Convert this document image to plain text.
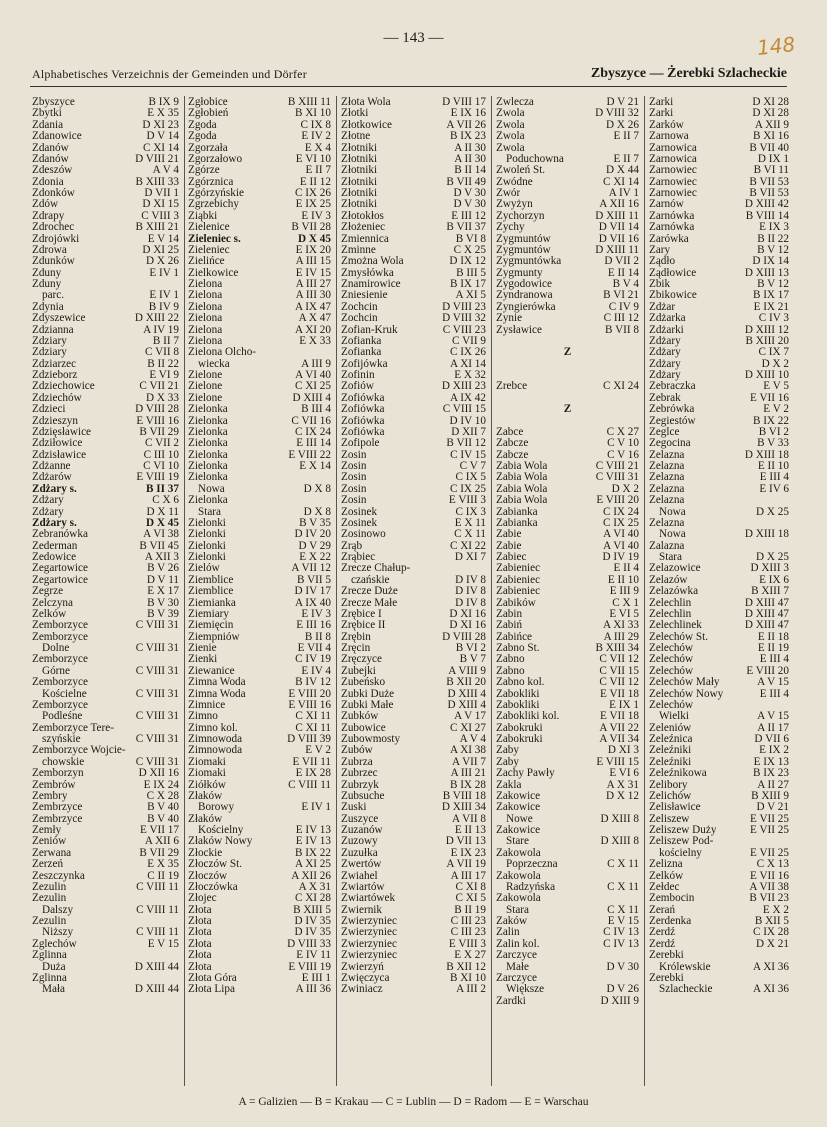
— 143 —	148
Alphabetisches Verzeichnis der Gemeinden und Dörfer	Zbyszyce — Żerebki Szlacheckie
Zbyszyce	B IX 9
Zbytki	E X 35
Zdania	D XI 23
Zdanowice	D V 14
Zdanów	C XI 14
Zdanów	D VIII 21
Zdeszów	A V 4
Zdonia	B XIII 33
Zdonków	D VII 1
Zdów	D XI 15
Zdrapy	C VIII 3
Zdrochec	B XIII 21
Zdrojówki	E V 14
Zdrowa	D XI 25
Zdunków	D X 26
Zduny	E IV 1
Zduny
parc.	E IV 1
Zdynia	B IV 9
Zdyszewice	D XIII 22
Zdzianna	A IV 19
Zdziary	B II 7
Zdziary	C VII 8
Zdziarzec	B II 22
Zdzieborz	E VI 9
Zdziechowice	C VII 21
Zdziechów	D X 33
Zdzieci	D VIII 28
Zdzieszyn	E VIII 16
Zdzięsławice	B VII 29
Zdziłowice	C VII 2
Zdzisławice	C III 10
Zdżanne	C VI 10
Zdżarów	E VIII 19
Zdżary s.	B II 37
Zdżary	C X 6
Zdżary	D X 11
Zdżary s.	D X 45
Zebranówka	A VI 38
Zederman	B VII 45
Zedowice	A XII 3
Zegartowice	B V 26
Zegartowice	D V 11
Zegrze	E X 17
Zelczyna	B V 30
Zelków	B V 39
Zemborzyce	C VIII 31
Zemborzyce
Dolne	C VIII 31
Zemborzyce
Górne	C VIII 31
Zemborzyce
Kościelne	C VIII 31
Zemborzyce
Podleśne	C VIII 31
Zemborzyce Tere-
szyńskie	C VIII 31
Zemborzyce Wojcie-
chowskie	C VIII 31
Zemborzyn	D XII 16
Zembrów	E IX 24
Zembry	C X 28
Zembrzyce	B V 40
Zembrzyce	B V 40
Zemły	E VII 17
Zeniów	A XII 6
Zerwana	B VII 29
Zerzeń	E X 35
Zeszczynka	C II 19
Zezulin	C VIII 11
Zezulin
Dalszy	C VIII 11
Zezulin
Niższy	C VIII 11
Zglechów	E V 15
Zglinna
Duża	D XIII 44
Zglinna
Mała	D XIII 44
Zgłobice	B XIII 11
Zgłobień	B XI 10
Zgoda	C IX 8
Zgoda	E IV 2
Zgorzała	E X 4
Zgorzałowo	E VI 10
Zgórze	E II 7
Zgórznica	E II 12
Zgórzyńskie	C IX 26
Zgrzebichy	E IX 25
Ziąbki	E IV 3
Zielenice	B VII 28
Zieleniec s.	D X 45
Zieleniec	E IX 20
Zielińce	A III 15
Zielkowice	E IV 15
Zielona	A III 27
Zielona	A III 30
Zielona	A IX 47
Zielona	A X 47
Zielona	A XI 20
Zielona	E X 33
Zielona Olcho-
wiecka	A III 9
Zielone	A VI 40
Zielone	C XI 25
Zielone	D XIII 4
Zielonka	B III 4
Zielonka	C VII 16
Zielonka	C IX 24
Zielonka	E III 14
Zielonka	E VIII 22
Zielonka	E X 14
Zielonka
Nowa	D X 8
Zielonka
Stara	D X 8
Zielonki	B V 35
Zielonki	D IV 20
Zielonki	D V 29
Zielonki	E X 22
Zielów	A VII 12
Ziemblice	B VII 5
Ziemblice	D IV 17
Ziemianka	A IX 40
Ziemiary	E IV 3
Ziemięcin	E III 16
Ziempniów	B II 8
Zienie	E VII 4
Zienki	C IV 19
Ziewanice	E IV 4
Zimna Woda	B IV 12
Zimna Woda	E VIII 20
Zimnice	E VIII 16
Zimno	C XI 11
Zimno kol.	C XI 11
Zimnowoda	D VIII 39
Zimnowoda	E V 2
Ziomaki	E VII 11
Ziomaki	E IX 28
Ziółków	C VIII 11
Złaków
Borowy	E IV 1
Złaków
Kościelny	E IV 13
Złaków Nowy	E IV 13
Złockie	B IX 22
Złoczów St.	A XI 25
Złoczów	A XII 26
Złoczówka	A X 31
Złojec	C XI 28
Złota	B XIII 5
Złota	D IV 35
Złota	D IV 35
Złota	D VIII 33
Złota	E IV 11
Złota	E VIII 19
Złota Góra	E III 1
Złota Lipa	A III 36
Złota Wola	D VIII 17
Złotki	E IX 16
Złotkowice	A VII 26
Złotne	B IX 23
Złotniki	A II 30
Złotniki	A II 30
Złotniki	B II 14
Złotniki	B VII 49
Złotniki	D V 30
Złotniki	D V 30
Złotokłos	E III 12
Złożeniec	B VII 37
Zmiennica	B VI 8
Zminne	C X 25
Zmożna Wola	D IX 12
Zmysłówka	B III 5
Znamirowice	B IX 17
Zniesienie	A XI 5
Zochcin	D VIII 23
Zochcin	D VIII 32
Zofian-Kruk	C VIII 23
Zofianka	C VII 9
Zofianka	C IX 26
Zofijówka	A XI 14
Zofinin	E X 32
Zofiów	D XIII 23
Zofiówka	A IX 42
Zofiówka	C VIII 15
Zofiówka	D IV 10
Zofiówka	D XII 7
Zofipole	B VII 12
Zosin	C IV 15
Zosin	C V 7
Zosin	C IX 5
Zosin	C IX 25
Zosin	E VIII 3
Zosinek	C IX 3
Zosinek	E X 11
Zosinowo	C X 11
Zrąb	C XI 22
Zrąbiec	D XI 7
Zrecze Chałup-
czańskie	D IV 8
Zrecze Duże	D IV 8
Zrecze Małe	D IV 8
Zrębice I	D XI 16
Zrębice II	D XI 16
Zrębin	D VIII 28
Zręcin	B VI 2
Zręczyce	B V 7
Zubejki	A VIII 9
Zubeńsko	B XII 20
Zubki Duże	D XIII 4
Zubki Małe	D XIII 4
Zubków	A V 17
Zubowice	C XI 27
Zubowmosty	A V 4
Zubów	A XI 38
Zubrza	A VII 7
Zubrzec	A III 21
Zubrzyk	B IX 28
Zubsuche	B VIII 18
Zuski	D XIII 34
Zuszyce	A VII 8
Zuzanów	E II 13
Zuzowy	D VII 13
Zuzułka	E IX 23
Zwertów	A VII 19
Zwiahel	A III 17
Zwiartów	C XI 8
Zwiartówek	C XI 5
Zwiernik	B II 19
Zwierzyniec	C III 23
Zwierzyniec	C III 23
Zwierzyniec	E VIII 3
Zwierzyniec	E X 27
Zwierzyń	B XII 12
Zwięczyca	B XI 10
Zwiniacz	A III 2
Zwlecza	D V 21
Zwola	D VIII 32
Zwola	D X 26
Zwola	E II 7
Zwola
Poduchowna	E II 7
Zwoleń St.	D X 44
Zwódne	C XI 14
Zwór	A IV 1
Zwyżyn	A XII 16
Zychorzyn	D XIII 11
Zychy	D VII 14
Zygmuntów	D VII 16
Zygmuntów	D XIII 11
Zygmuntówka	D VII 2
Zygmunty	E II 14
Zygodowice	B V 4
Zyndranowa	B VI 21
Zyngierówka	C IV 9
Zynie	C III 12
Zysławice	B VII 8

Ź

Źrebce	C XI 24

Ż

Żabce	C X 27
Żabcze	C V 10
Żabcze	C V 16
Żabia Wola	C VIII 21
Żabia Wola	C VIII 31
Żabia Wola	D X 2
Żabia Wola	E VIII 20
Żabianka	C IX 24
Żabianka	C IX 25
Żabie	A VI 40
Żabie	A VI 40
Żabiec	D IV 19
Żabieniec	E II 4
Żabieniec	E II 10
Żabieniec	E III 9
Żabików	C X 1
Żabin	E VI 5
Żabiń	A XI 33
Żabińce	A III 29
Żabno St.	B XIII 34
Żabno	C VII 12
Żabno	C VII 15
Żabno kol.	C VII 12
Żabokliki	E VII 18
Żabokliki	E IX 1
Żabokliki kol.	E VII 18
Żabokruki	A VII 22
Żabokruki	A VII 34
Żaby	D XI 3
Żaby	E VIII 15
Żachy Pawły	E VI 6
Żakla	A X 31
Żakowice	D X 12
Żakowice
Nowe	D XIII 8
Żakowice
Stare	D XIII 8
Żakowola
Poprzeczna	C X 11
Żakowola
Radzyńska	C X 11
Żakowola
Stara	C X 11
Żaków	E V 15
Żalin	C IV 13
Żalin kol.	C IV 13
Żarczyce
Małe	D V 30
Żarczyce
Większe	D V 26
Żardki	D XIII 9
Żarki	D XI 28
Żarki	D XI 28
Żarków	A XII 9
Żarnowa	B XI 16
Żarnowica	B VII 40
Żarnowica	D IX 1
Żarnowiec	B VI 11
Żarnowiec	B VII 53
Żarnowiec	B VII 53
Żarnów	D XIII 42
Żarnówka	B VIII 14
Żarnówka	E IX 3
Żarówka	B II 22
Żary	B V 12
Żądło	D IX 14
Żądłowice	D XIII 13
Żbik	B V 12
Żbikowice	B IX 17
Żdżar	E IX 21
Żdżarka	C IV 3
Żdżarki	D XIII 12
Żdżary	B XIII 20
Żdżary	C IX 7
Żdżary	D X 2
Żdżary	D XIII 10
Żebraczka	E V 5
Żebrak	E VII 16
Żebrówka	E V 2
Żegiestów	B IX 22
Żeglce	B VI 2
Żegocina	B V 33
Żelazna	D XIII 18
Żelazna	E II 10
Żelazna	E III 4
Żelazna	E IV 6
Żelazna
Nowa	D X 25
Żelazna
Nowa	D XIII 18
Żalazna
Stara	D X 25
Żelazowice	D XIII 3
Żelazów	E IX 6
Żelazówka	B XIII 7
Żelechlin	D XIII 47
Żelechlin	D XIII 47
Żelechlinek	D XIII 47
Żelechów St.	E II 18
Żelechów	E II 19
Żelechów	E III 4
Żelechów	E VIII 20
Żelechów Mały	A V 15
Żelechów Nowy	E III 4
Żelechów
Wielki	A V 15
Żeleniów	A II 17
Żeleźnica	D VII 6
Żeleźniki	E IX 2
Żeleźniki	E IX 13
Żeleźnikowa	B IX 23
Żelibory	A II 27
Żelichów	B XIII 9
Żelisławice	D V 21
Żeliszew	E VII 25
Żeliszew Duży	E VII 25
Żeliszew Pod-
kościelny	E VII 25
Żelizna	C X 13
Żelków	E VII 16
Żełdec	A VII 38
Żembocin	B VII 23
Żerań	E X 2
Żerdenka	B XII 5
Żerdź	C IX 28
Żerdź	D X 21
Żerebki
Królewskie	A XI 36
Żerebki
Szlacheckie	A XI 36
A = Galizien — B = Krakau — C = Lublin — D = Radom — E = Warschau
